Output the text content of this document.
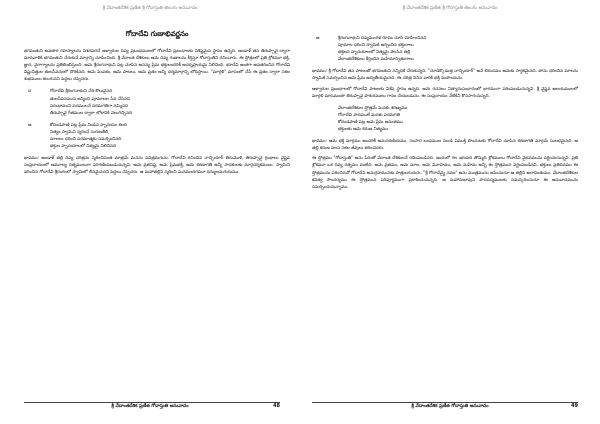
శ్రీ వేదాంతదేశిక ప్రణీత శ్రీ గోదాస్తుతి తెలుగు అనువాదం
గోదాదేవి గుణాభివర్ణనం

భగవంతుని అవతార రహస్యాలను విశదపరచే ఆళ్వారుల దివ్య ప్రబంధములలో గోదాదేవి ప్రబంధాలకు విశిష్టమైన స్థానం ఉన్నది. ఆండాళ్ తన తిరుప్పావై ద్వారా మానవాళికి భగవంతుని చేరుకునే మార్గాన్ని చూపించింది. శ్రీ వేదాంత దేశికులు ఆమె దివ్య గుణాలను కీర్తిస్తూ గోదాస్తుతిని రచించారు. ఈ స్తోత్రంలో ప్రతి శ్లోకమూ భక్తి, జ్ఞాన, వైరాగ్యాలను ప్రతిబింబిస్తుంది. ఆమె శ్రీరంగనాథుని పట్ల చూపిన అనన్య ప్రేమ భక్తులందరికీ ఆదర్శప్రాయమై నిలిచింది. భూదేవి అంశగా అవతరించిన గోదాదేవి విష్ణుచిత్తుల తులసీవనంలో దొరికినది. ఆమె పెంపకం, ఆమె పాటలు, ఆమె వ్రతం అన్నీ ధర్మమార్గాన్ని బోధిస్తాయి. "మార్గళి" మాసంలో చేసే ఈ వ్రతం ద్వారా సకల శుభములు కలుగునని పెద్దలు చెప్పెదరు.

ద	గోదాదేవి శ్రీరంగనాథుని చేరి కొలువైనది
తులసీవనమున జన్మించి పూమాలల సేవ చేసినది
పరంధాముని పదములనే పరమగతిగా నమ్మినది
తిరుప్పావై గీతముల ద్వారా లోకానికి వెలుగిచ్చినది
అ	కోదండపాణి పట్ల ప్రేమ నిండిన హృదయం కలది
నిత్యం స్వామిని స్మరించే సుగుణశీలి
మాలలు ధరించి పరమాత్మకు సమర్పించినది
భక్తుల హృదయాలలో నిత్యమై నిలిచినది

భావము: ఆండాళ్ తల్లి దివ్య చరిత్రను స్మరించినంత మాత్రమే మనసు పవిత్రమగును. గోదాదేవి రచించిన నాచ్చియార్ తిరుమొళి, తిరుప్పావై గ్రంథాలు వైష్ణవ సంప్రదాయంలో అమూల్య రత్నములుగా పరిగణింపబడుచున్నవి. ఆమె వ్రతనిష్ఠ, ఆమె ప్రేమభక్తి, ఆమె శరణాగతి అన్నీ సాధకులకు మార్గదర్శకములు. స్వామిని వరించిన గోదాదేవి శ్రీరంగంలో స్వామిలో లీనమైనదని పెద్దలు చెప్పెదరు. ఆ మహాతల్లిని స్మరించి మనమందరమూ ధన్యులమగుదుము.

శ్రీ వేదాంతదేశిక ప్రణీత గోదాస్తుతి అనువాదం	48
శ్రీ వేదాంతదేశిక ప్రణీత శ్రీ గోదాస్తుతి తెలుగు అనువాదం
అ	శ్రీరంగనాథుని దివ్యమంగళ రూపం చూసి మోహించినది
పూమాల ధరించి స్వామికి అర్పించిన భక్తురాలు
భక్తజన హృదయాలలో నిత్యమై వెలసిన తల్లి
వేదాంతదేశికులు కీర్తించిన మహిమాన్వితురాలు

భావము: శ్రీ గోదాదేవి తన పాటలతో భగవంతుని సన్నిధికి చేరుకున్నది. "చూడిక్కొడుత్త నాచ్చియార్" అనే బిరుదము ఆమెకు సార్థకమైనది. తాను ధరించిన మాలను స్వామికి సమర్పించిన ఆమె ప్రేమ అద్వితీయమైనది. ఈ చరిత్ర వినిన వారికి భక్తి పెంపొందును.

ఆళ్వారుల ప్రబంధాలలో గోదాదేవి పాటలకు విశేష స్థానం ఉన్నది. ఆమె రచనలు నిత్యానుసంధానంలో భాగముగా పఠింపబడుచున్నవి. శ్రీ వైష్ణవ ఆలయములలో మార్గళి మాసమంతా తిరుప్పావై పాశురములు గానం చేయబడును. ఈ సంప్రదాయం నేటికినీ కొనసాగుచున్నది.

వేదాంతదేశికుల స్తోత్రమే మనకు శరణ్యము
గోదాదేవి పాదములే మనకు పరమగతి
కోదండపాణి పట్ల ఆమె ప్రేమ అనంతము
భక్తులకు ఆమె కరుణ నిత్యము

భావము: ఆమె భక్తి మార్గము అందరికీ అనుసరణీయము. సంసార బంధముల నుండి విముక్తి పొందుటకు గోదాదేవి చూపిన శరణాగతి మార్గమే సులభమైనది. ఆ తల్లి కరుణ వలన సకల జీవులు తరించెదరు.

ఈ స్తోత్రము "గోదాస్తుతి" అను పేరుతో వేదాంత దేశికులచే రచింపబడినది. ఇందులో గల ఇరువది తొమ్మిది శ్లోకములు గోదాదేవి వైభవమును వర్ణించుచున్నవి. ప్రతి శ్లోకమూ ఒక దివ్య రత్నము వంటిది. ఆమె వ్రతము, ఆమె మాల, ఆమె వివాహము, ఆమె మహిమ అన్నీ ఈ స్తోత్రమున వర్ణింపబడినవి. భక్తులు ప్రతిదినము ఈ స్తోత్రమును పఠించినచో గోదాదేవి అనుగ్రహమునకు పాత్రులగుదురు. "శ్రీ గోదాదేవ్యై నమః" అను మంత్రమును జపించుచూ ఆ తల్లిని ఆరాధింతుము. వేదాంతదేశికుల కవిత్వ సౌందర్యము ఈ స్తోత్రమున పరిపూర్ణముగా ప్రకాశించుచున్నది. ఆ మహానుభావుని పాదపద్మములకు నమస్కరించుచూ ఈ అనువాదమును సమర్పించుచున్నాము.

శ్రీ వేదాంతదేశిక ప్రణీత గోదాస్తుతి అనువాదం	49
